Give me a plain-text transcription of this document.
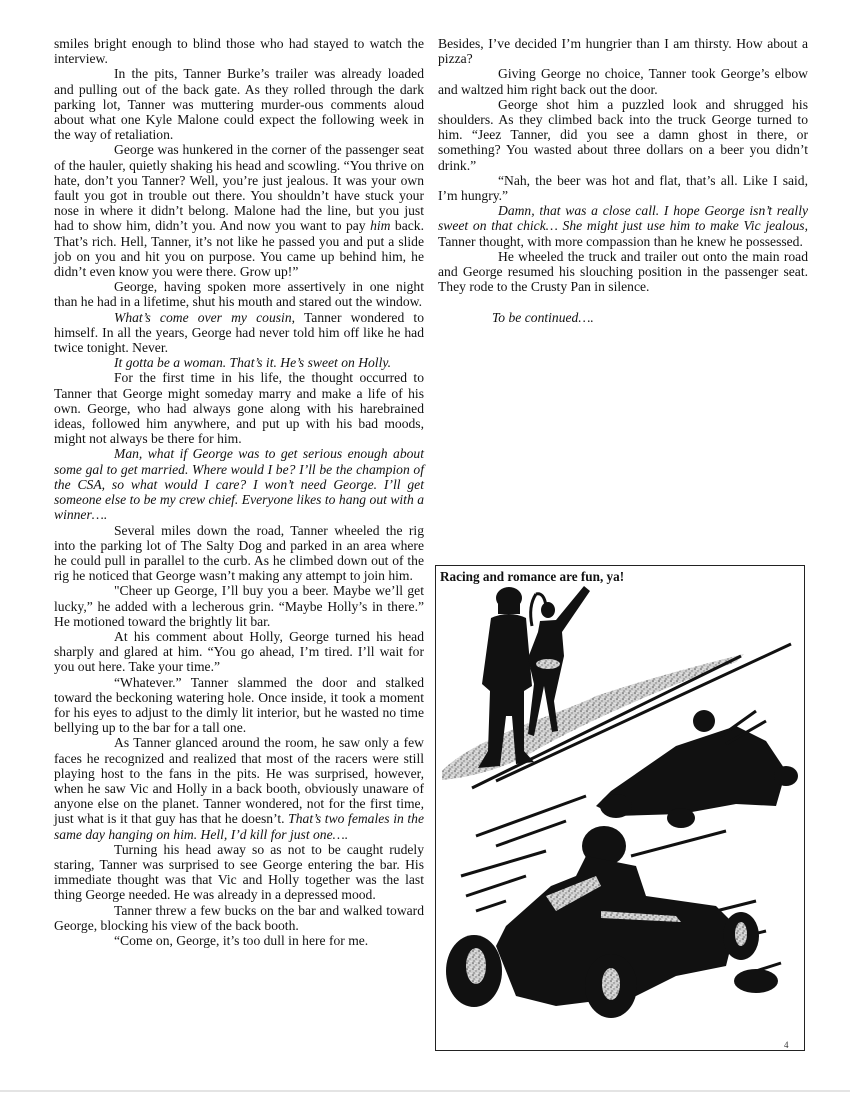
smiles bright enough to blind those who had stayed to watch the interview.

In the pits, Tanner Burke’s trailer was already loaded and pulling out of the back gate. As they rolled through the dark parking lot, Tanner was muttering murder-ous comments aloud about what one Kyle Malone could expect the following week in the way of retaliation.

George was hunkered in the corner of the passenger seat of the hauler, quietly shaking his head and scowling. “You thrive on hate, don’t you Tanner? Well, you’re just jealous. It was your own fault you got in trouble out there. You shouldn’t have stuck your nose in where it didn’t belong. Malone had the line, but you just had to show him, didn’t you. And now you want to pay him back. That’s rich. Hell, Tanner, it’s not like he passed you and put a slide job on you and hit you on purpose. You came up behind him, he didn’t even know you were there. Grow up!”

George, having spoken more assertively in one night than he had in a lifetime, shut his mouth and stared out the window.

What’s come over my cousin, Tanner wondered to himself. In all the years, George had never told him off like he had twice tonight. Never.

It gotta be a woman. That’s it. He’s sweet on Holly.

For the first time in his life, the thought occurred to Tanner that George might someday marry and make a life of his own. George, who had always gone along with his harebrained ideas, followed him anywhere, and put up with his bad moods, might not always be there for him.

Man, what if George was to get serious enough about some gal to get married. Where would I be? I’ll be the champion of the CSA, so what would I care? I won’t need George. I’ll get someone else to be my crew chief. Everyone likes to hang out with a winner….

Several miles down the road, Tanner wheeled the rig into the parking lot of The Salty Dog and parked in an area where he could pull in parallel to the curb. As he climbed down out of the rig he noticed that George wasn’t making any attempt to join him.

"Cheer up George, I’ll buy you a beer. Maybe we’ll get lucky,” he added with a lecherous grin. “Maybe Holly’s in there.” He motioned toward the brightly lit bar.

At his comment about Holly, George turned his head sharply and glared at him. “You go ahead, I’m tired. I’ll wait for you out here. Take your time.”

“Whatever.” Tanner slammed the door and stalked toward the beckoning watering hole. Once inside, it took a moment for his eyes to adjust to the dimly lit interior, but he wasted no time bellying up to the bar for a tall one.

As Tanner glanced around the room, he saw only a few faces he recognized and realized that most of the racers were still playing host to the fans in the pits. He was surprised, however, when he saw Vic and Holly in a back booth, obviously unaware of anyone else on the planet. Tanner wondered, not for the first time, just what is it that guy has that he doesn’t. That’s two females in the same day hanging on him. Hell, I’d kill for just one….

Turning his head away so as not to be caught rudely staring, Tanner was surprised to see George entering the bar. His immediate thought was that Vic and Holly together was the last thing George needed. He was already in a depressed mood.

Tanner threw a few bucks on the bar and walked toward George, blocking his view of the back booth.

“Come on, George, it’s too dull in here for me.

Besides, I’ve decided I’m hungrier than I am thirsty. How about a pizza?

Giving George no choice, Tanner took George’s elbow and waltzed him right back out the door.

George shot him a puzzled look and shrugged his shoulders. As they climbed back into the truck George turned to him. “Jeez Tanner, did you see a damn ghost in there, or something? You wasted about three dollars on a beer you didn’t drink.”

“Nah, the beer was hot and flat, that’s all. Like I said, I’m hungry.”

Damn, that was a close call. I hope George isn’t really sweet on that chick… She might just use him to make Vic jealous, Tanner thought, with more compassion than he knew he possessed.

He wheeled the truck and trailer out onto the main road and George resumed his slouching position in the passenger seat. They rode to the Crusty Pan in silence.

To be continued….

Racing and romance are fun, ya!
4
